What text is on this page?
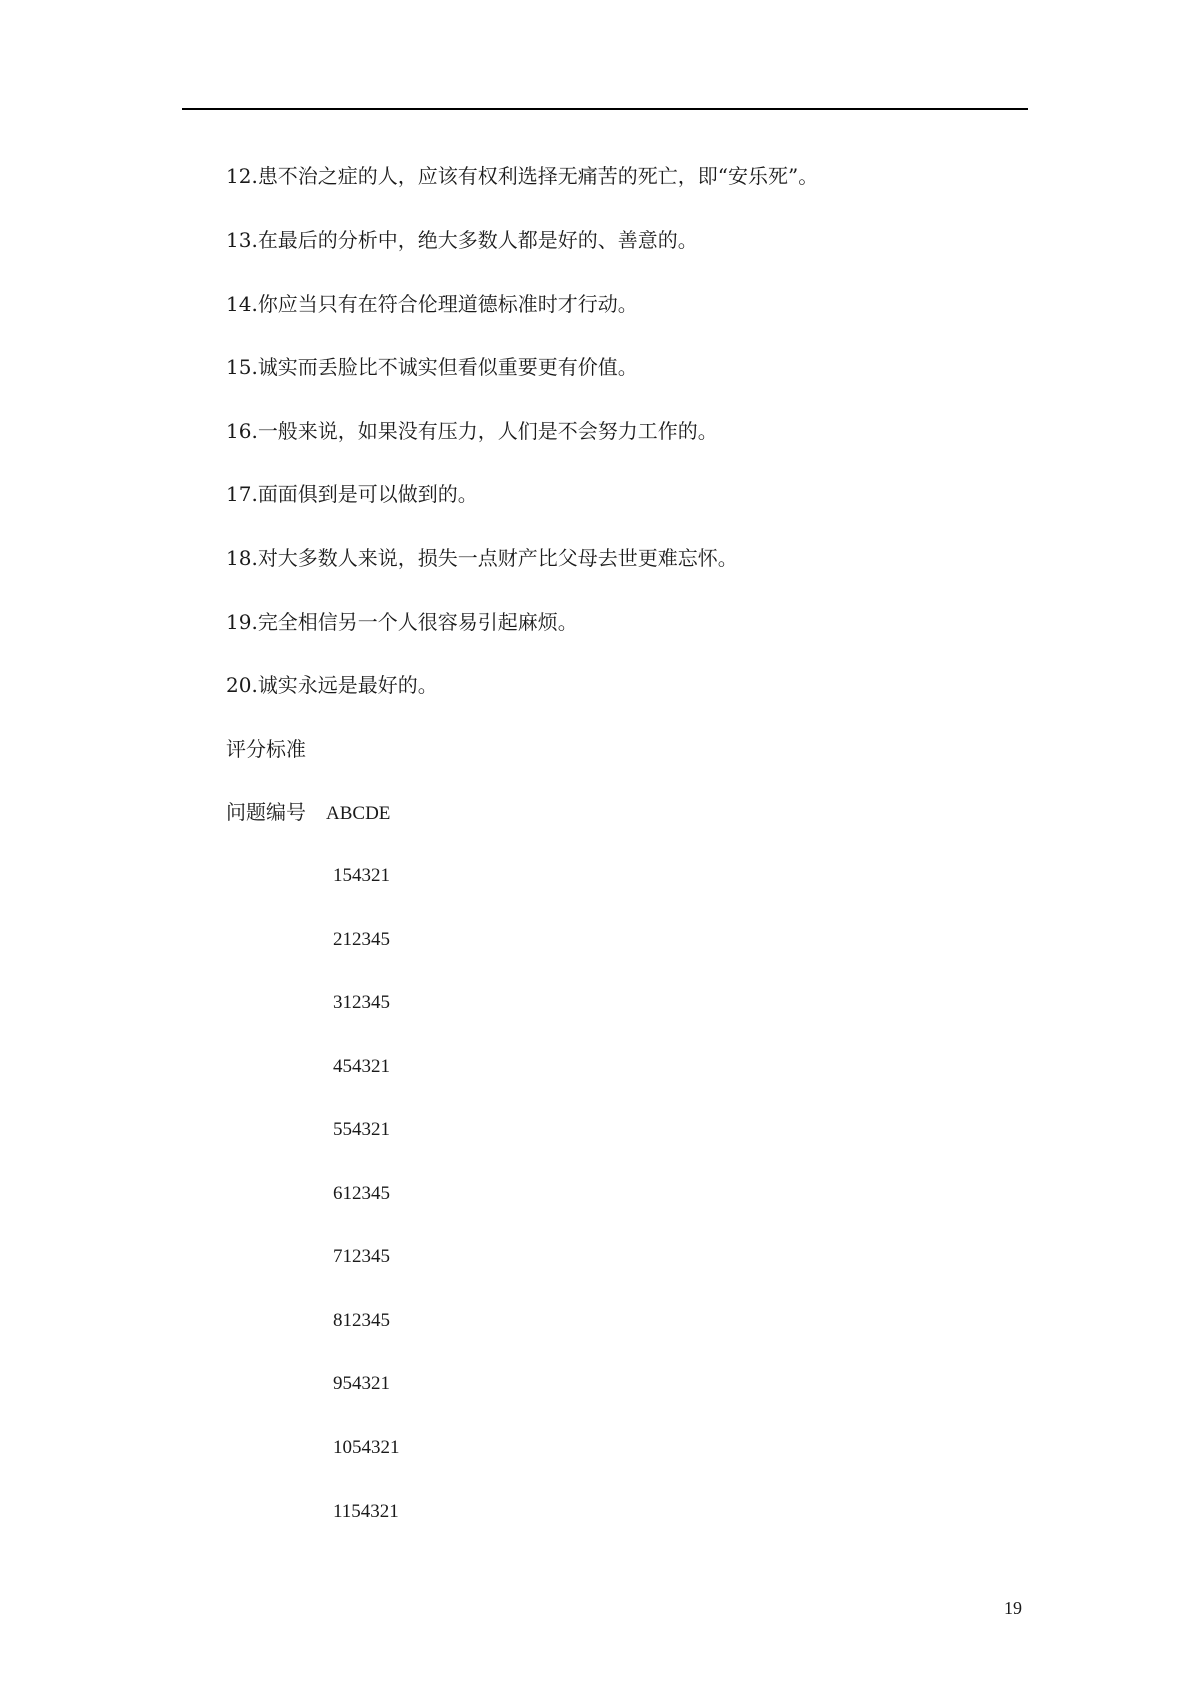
12.患不治之症的人，应该有权利选择无痛苦的死亡，即“安乐死”。
13.在最后的分析中，绝大多数人都是好的、善意的。
14.你应当只有在符合伦理道德标准时才行动。
15.诚实而丢脸比不诚实但看似重要更有价值。
16.一般来说，如果没有压力，人们是不会努力工作的。
17.面面俱到是可以做到的。
18.对大多数人来说，损失一点财产比父母去世更难忘怀。
19.完全相信另一个人很容易引起麻烦。
20.诚实永远是最好的。
评分标准
问题编号 ABCDE
154321
212345
312345
454321
554321
612345
712345
812345
954321
1054321
1154321
19
